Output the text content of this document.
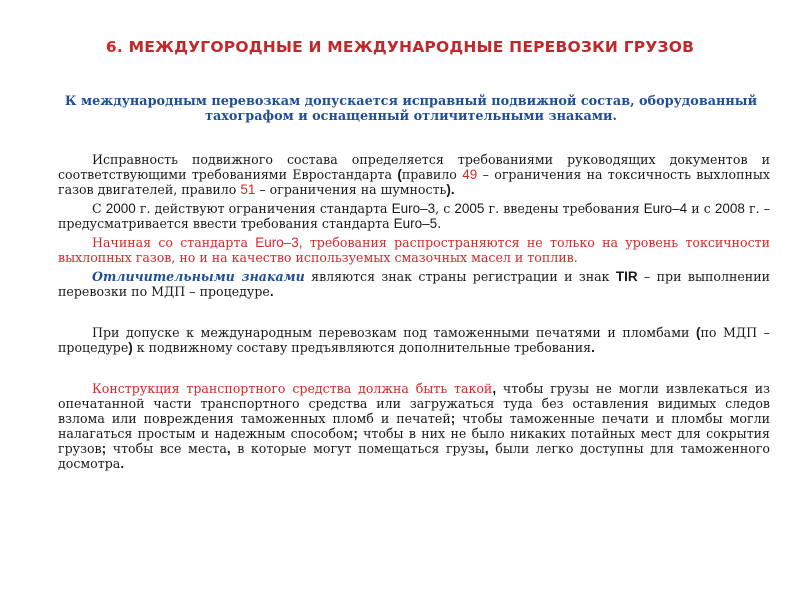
6. МЕЖДУГОРОДНЫЕ И МЕЖДУНАРОДНЫЕ ПЕРЕВОЗКИ ГРУЗОВ
К международным перевозкам допускается исправный подвижной состав, оборудованный тахографом и оснащенный отличительными знаками.

Исправность подвижного состава определяется требованиями руководящих документов и соответствующими требованиями Евростандарта (правило 49 – ограничения на токсичность выхлопных газов двигателей, правило 51 – ограничения на шумность).

С 2000 г. действуют ограничения стандарта Euro–3, с 2005 г. введены требования Euro–4 и с 2008 г. – предусматривается ввести требования стандарта Euro–5.

Начиная со стандарта Euro–3, требования распространяются не только на уровень токсичности выхлопных газов, но и на качество используемых смазочных масел и топлив.

Отличительными знаками являются знак страны регистрации и знак TIR – при выполнении перевозки по МДП – процедуре.

При допуске к международным перевозкам под таможенными печатями и пломбами (по МДП – процедуре) к подвижному составу предъявляются дополнительные требования.

Конструкция транспортного средства должна быть такой, чтобы грузы не могли извлекаться из опечатанной части транспортного средства или загружаться туда без оставления видимых следов взлома или повреждения таможенных пломб и печатей; чтобы таможенные печати и пломбы могли налагаться простым и надежным способом; чтобы в них не было никаких потайных мест для сокрытия грузов; чтобы все места, в которые могут помещаться грузы, были легко доступны для таможенного досмотра.
